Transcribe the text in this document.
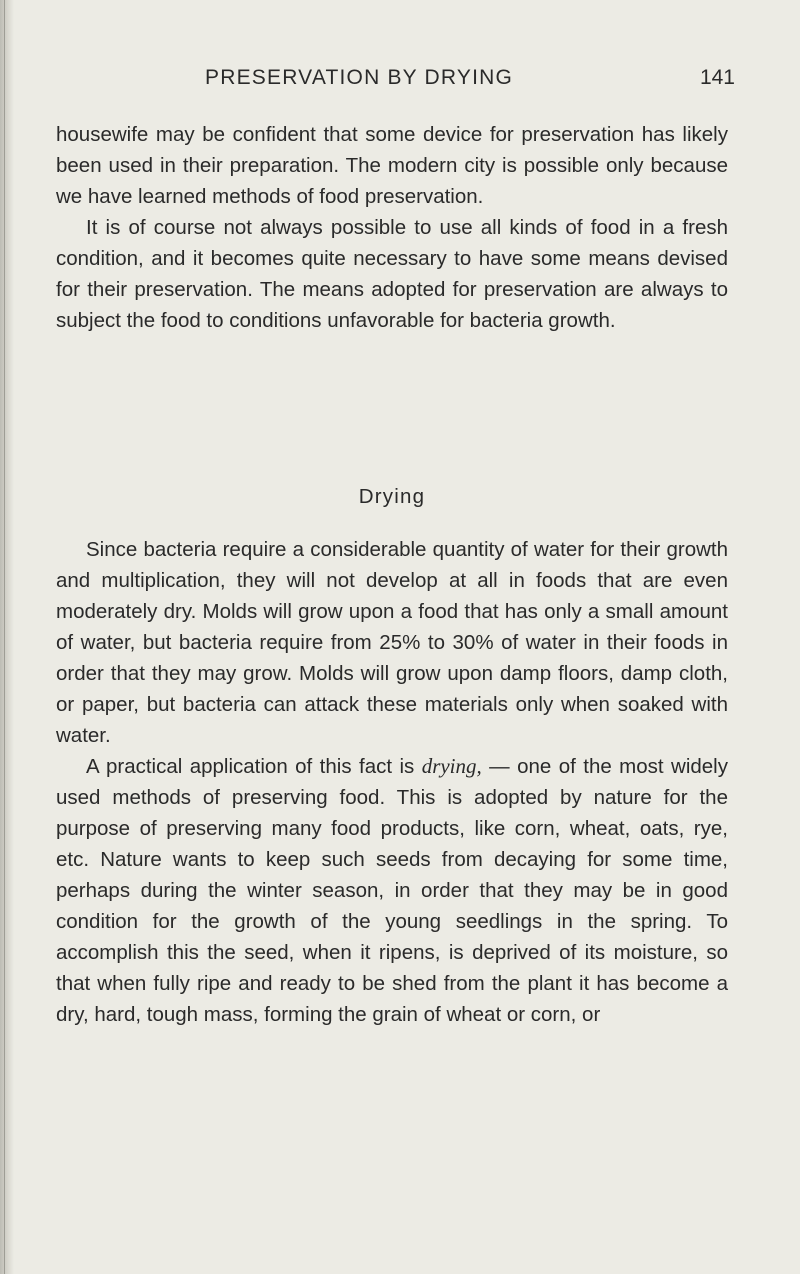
PRESERVATION BY DRYING	141

housewife may be confident that some device for preservation has likely been used in their preparation. The modern city is possible only because we have learned methods of food preservation.

It is of course not always possible to use all kinds of food in a fresh condition, and it becomes quite necessary to have some means devised for their preservation. The means adopted for preservation are always to subject the food to conditions unfavorable for bacteria growth.

Drying

Since bacteria require a considerable quantity of water for their growth and multiplication, they will not develop at all in foods that are even moderately dry. Molds will grow upon a food that has only a small amount of water, but bacteria require from 25% to 30% of water in their foods in order that they may grow. Molds will grow upon damp floors, damp cloth, or paper, but bacteria can attack these materials only when soaked with water.

A practical application of this fact is drying, — one of the most widely used methods of preserving food. This is adopted by nature for the purpose of preserving many food products, like corn, wheat, oats, rye, etc. Nature wants to keep such seeds from decaying for some time, perhaps during the winter season, in order that they may be in good condition for the growth of the young seedlings in the spring. To accomplish this the seed, when it ripens, is deprived of its moisture, so that when fully ripe and ready to be shed from the plant it has become a dry, hard, tough mass, forming the grain of wheat or corn, or
